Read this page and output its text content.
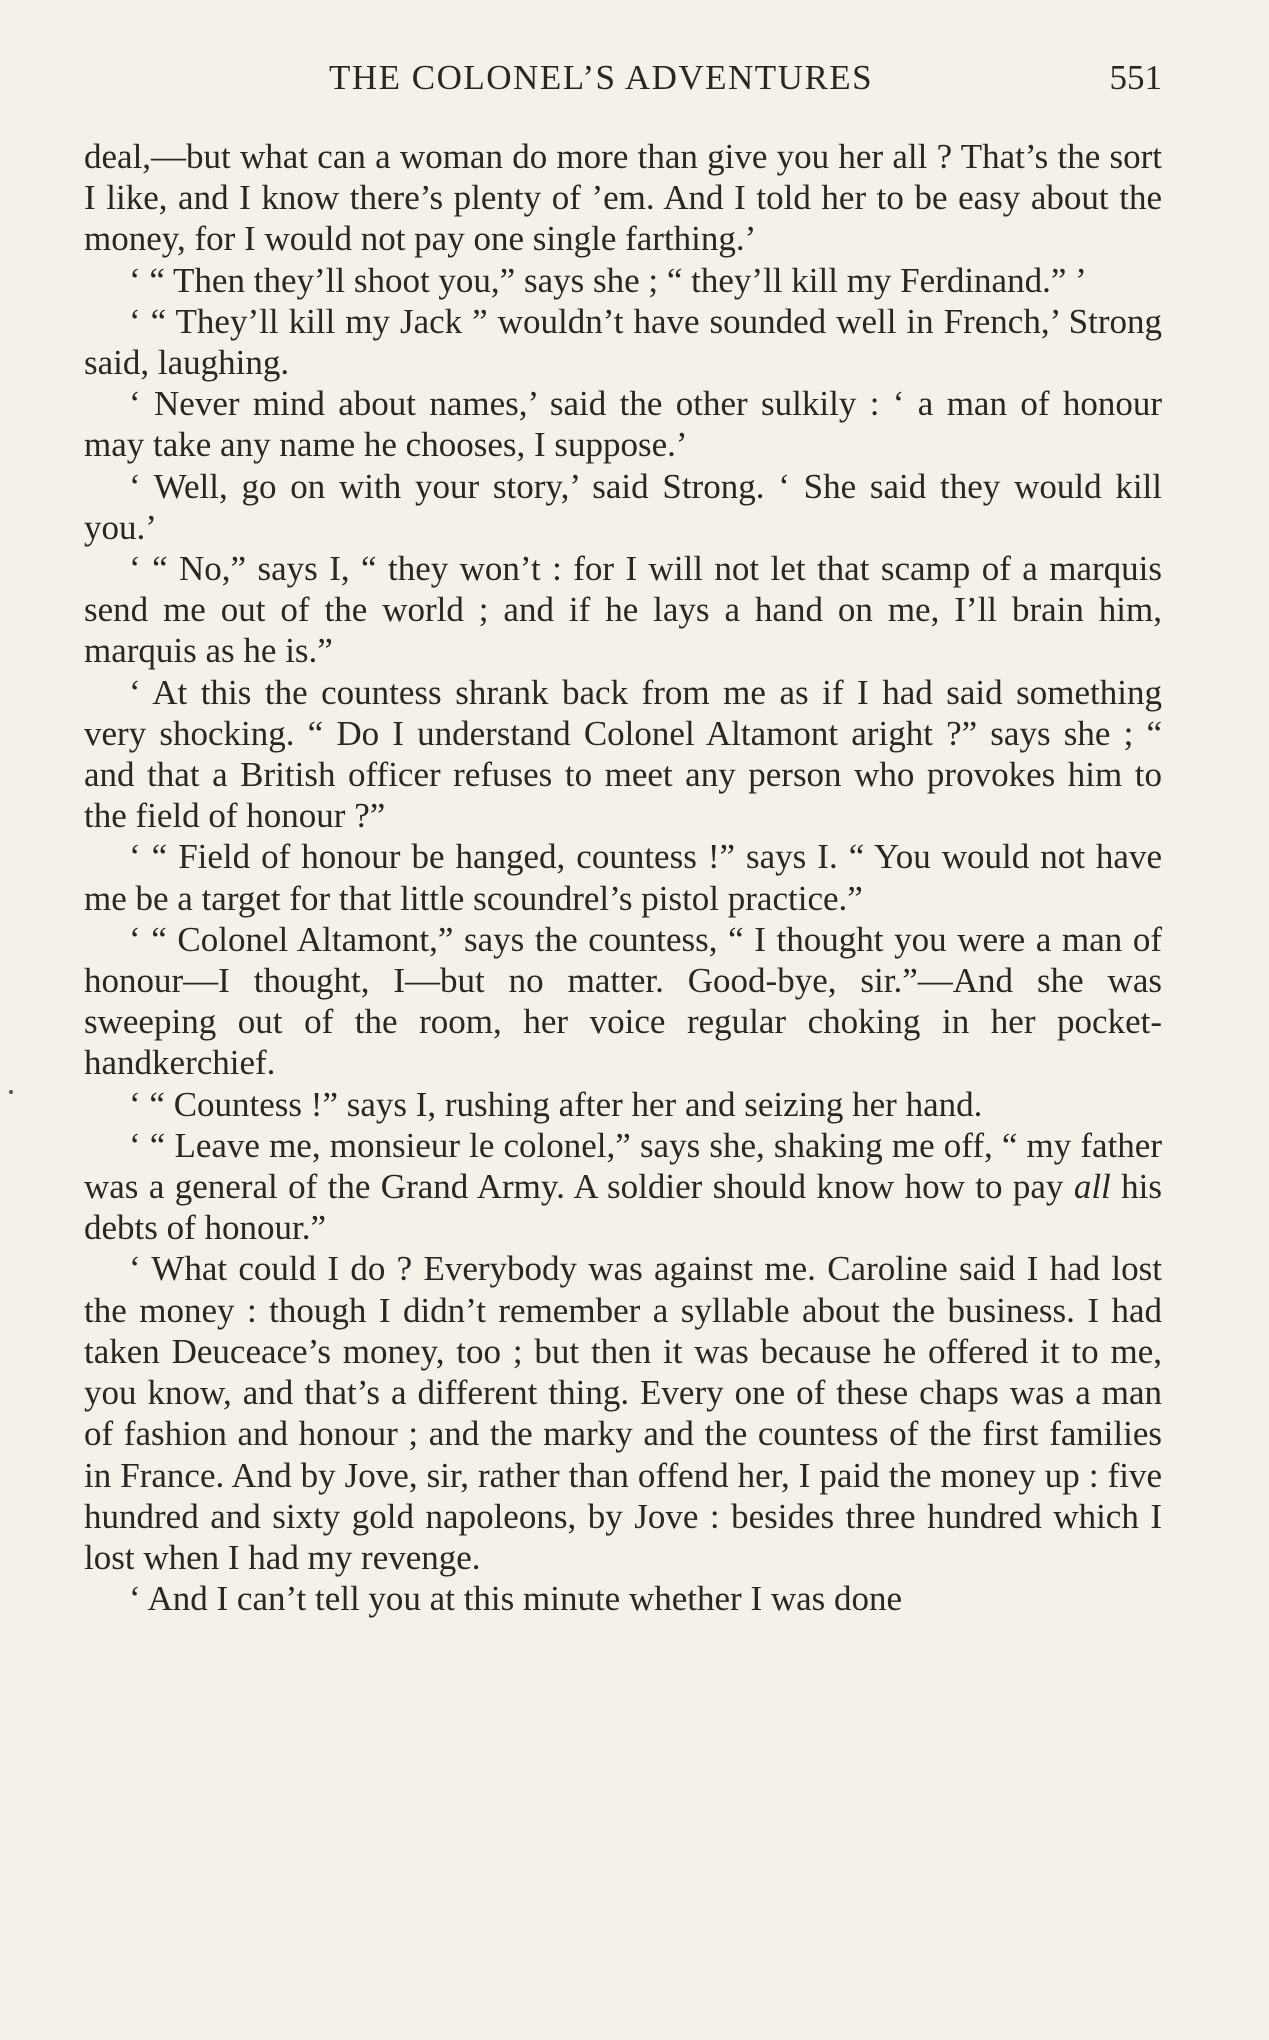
THE COLONEL’S ADVENTURES	551

deal,—but what can a woman do more than give you her all ? That’s the sort I like, and I know there’s plenty of ’em. And I told her to be easy about the money, for I would not pay one single farthing.’

‘ “ Then they’ll shoot you,” says she ; “ they’ll kill my Ferdinand.” ’

‘ “ They’ll kill my Jack ” wouldn’t have sounded well in French,’ Strong said, laughing.

‘ Never mind about names,’ said the other sulkily : ‘ a man of honour may take any name he chooses, I suppose.’

‘ Well, go on with your story,’ said Strong. ‘ She said they would kill you.’

‘ “ No,” says I, “ they won’t : for I will not let that scamp of a marquis send me out of the world ; and if he lays a hand on me, I’ll brain him, marquis as he is.”

‘ At this the countess shrank back from me as if I had said something very shocking. “ Do I understand Colonel Altamont aright ?” says she ; “ and that a British officer refuses to meet any person who provokes him to the field of honour ?”

‘ “ Field of honour be hanged, countess !” says I. “ You would not have me be a target for that little scoundrel’s pistol practice.”

‘ “ Colonel Altamont,” says the countess, “ I thought you were a man of honour—I thought, I—but no matter. Good-bye, sir.”—And she was sweeping out of the room, her voice regular choking in her pocket-handkerchief.

‘ “ Countess !” says I, rushing after her and seizing her hand.

‘ “ Leave me, monsieur le colonel,” says she, shaking me off, “ my father was a general of the Grand Army. A soldier should know how to pay all his debts of honour.”

‘ What could I do ? Everybody was against me. Caroline said I had lost the money : though I didn’t remember a syllable about the business. I had taken Deuceace’s money, too ; but then it was because he offered it to me, you know, and that’s a different thing. Every one of these chaps was a man of fashion and honour ; and the marky and the countess of the first families in France. And by Jove, sir, rather than offend her, I paid the money up : five hundred and sixty gold napoleons, by Jove : besides three hundred which I lost when I had my revenge.

‘ And I can’t tell you at this minute whether I was done
